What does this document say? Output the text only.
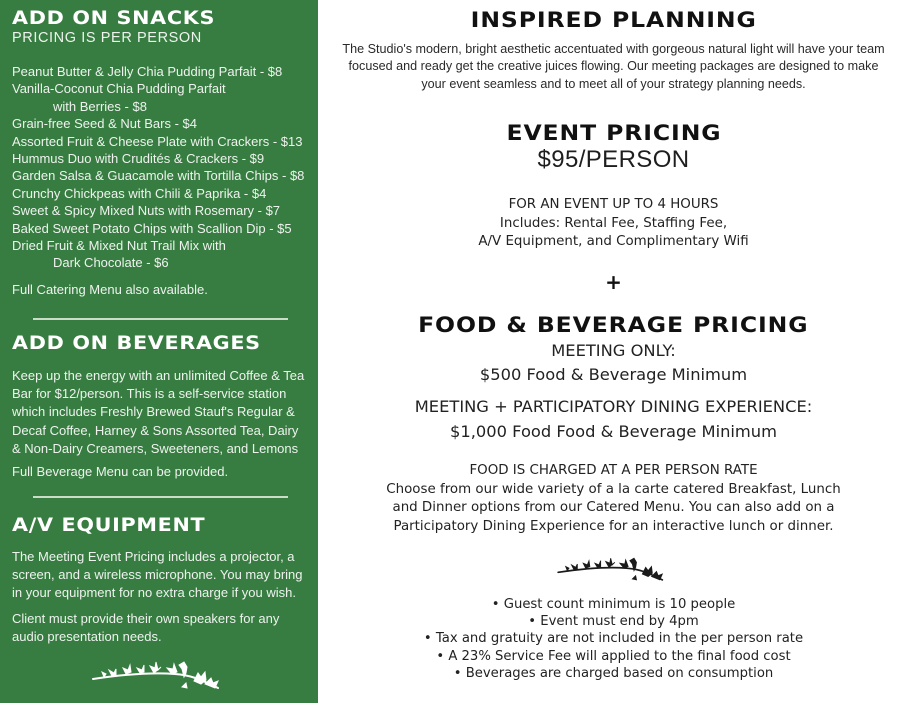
ADD ON SNACKS
PRICING IS PER PERSON
Peanut Butter & Jelly Chia Pudding Parfait - $8
Vanilla-Coconut Chia Pudding Parfait
with Berries - $8
Grain-free Seed & Nut Bars - $4
Assorted Fruit & Cheese Plate with Crackers - $13
Hummus Duo with Crudités & Crackers - $9
Garden Salsa & Guacamole with Tortilla Chips - $8
Crunchy Chickpeas with Chili & Paprika - $4
Sweet & Spicy Mixed Nuts with Rosemary - $7
Baked Sweet Potato Chips with Scallion Dip - $5
Dried Fruit & Mixed Nut Trail Mix with
Dark Chocolate - $6
Full Catering Menu also available.
ADD ON BEVERAGES
Keep up the energy with an unlimited Coffee & Tea
Bar for $12/person. This is a self-service station
which includes Freshly Brewed Stauf's Regular &
Decaf Coffee, Harney & Sons Assorted Tea, Dairy
& Non-Dairy Creamers, Sweeteners, and Lemons
Full Beverage Menu can be provided.
A/V EQUIPMENT
The Meeting Event Pricing includes a projector, a
screen, and a wireless microphone. You may bring
in your equipment for no extra charge if you wish.
Client must provide their own speakers for any
audio presentation needs.
INSPIRED PLANNING
The Studio's modern, bright aesthetic accentuated with gorgeous natural light will have your team
focused and ready get the creative juices flowing. Our meeting packages are designed to make
your event seamless and to meet all of your strategy planning needs.
EVENT PRICING
$95/PERSON
FOR AN EVENT UP TO 4 HOURS
Includes: Rental Fee, Staffing Fee,
A/V Equipment, and Complimentary Wifi
+
FOOD & BEVERAGE PRICING
MEETING ONLY:
$500 Food & Beverage Minimum
MEETING + PARTICIPATORY DINING EXPERIENCE:
$1,000 Food Food & Beverage Minimum
FOOD IS CHARGED AT A PER PERSON RATE
Choose from our wide variety of a la carte catered Breakfast, Lunch
and Dinner options from our Catered Menu. You can also add on a
Participatory Dining Experience for an interactive lunch or dinner.
• Guest count minimum is 10 people
• Event must end by 4pm
• Tax and gratuity are not included in the per person rate
• A 23% Service Fee will applied to the final food cost
• Beverages are charged based on consumption
